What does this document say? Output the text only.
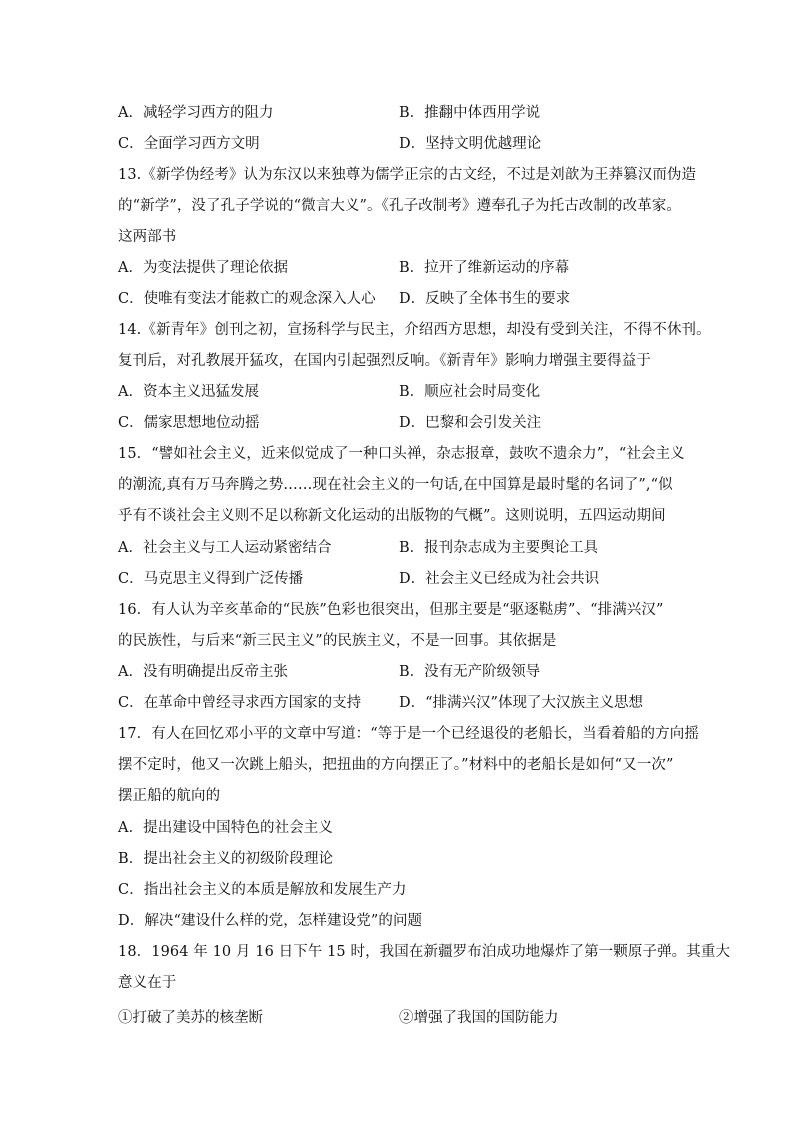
A．减轻学习西方的阻力	B．推翻中体西用学说
C．全面学习西方文明	D．坚持文明优越理论
13.《新学伪经考》认为东汉以来独尊为儒学正宗的古文经，不过是刘歆为王莽篡汉而伪造
的“新学”，没了孔子学说的“微言大义”。《孔子改制考》遵奉孔子为托古改制的改革家。
这两部书
A．为变法提供了理论依据	B．拉开了维新运动的序幕
C．使唯有变法才能救亡的观念深入人心 D．反映了全体书生的要求
14.《新青年》创刊之初，宣扬科学与民主，介绍西方思想，却没有受到关注，不得不休刊。
复刊后，对孔教展开猛攻，在国内引起强烈反响。《新青年》影响力增强主要得益于
A．资本主义迅猛发展	B．顺应社会时局变化
C．儒家思想地位动摇	D．巴黎和会引发关注
15．“譬如社会主义，近来似觉成了一种口头禅，杂志报章，鼓吹不遗余力”，“社会主义
的潮流,真有万马奔腾之势……现在社会主义的一句话,在中国算是最时髦的名词了”,“似
乎有不谈社会主义则不足以称新文化运动的出版物的气概”。这则说明，五四运动期间
A．社会主义与工人运动紧密结合	B．报刊杂志成为主要舆论工具
C．马克思主义得到广泛传播	D．社会主义已经成为社会共识
16．有人认为辛亥革命的“民族”色彩也很突出，但那主要是“驱逐鞑虏”、“排满兴汉”
的民族性，与后来“新三民主义”的民族主义，不是一回事。其依据是
A．没有明确提出反帝主张	B．没有无产阶级领导
C．在革命中曾经寻求西方国家的支持	D．“排满兴汉”体现了大汉族主义思想
17．有人在回忆邓小平的文章中写道：“等于是一个已经退役的老船长，当看着船的方向摇
摆不定时，他又一次跳上船头，把扭曲的方向摆正了。”材料中的老船长是如何“又一次”
摆正船的航向的
A．提出建设中国特色的社会主义
B．提出社会主义的初级阶段理论
C．指出社会主义的本质是解放和发展生产力
D．解决“建设什么样的党，怎样建设党”的问题
18．1964 年 10 月 16 日下午 15 时，我国在新疆罗布泊成功地爆炸了第一颗原子弹。其重大
意义在于
①打破了美苏的核垄断	②增强了我国的国防能力
